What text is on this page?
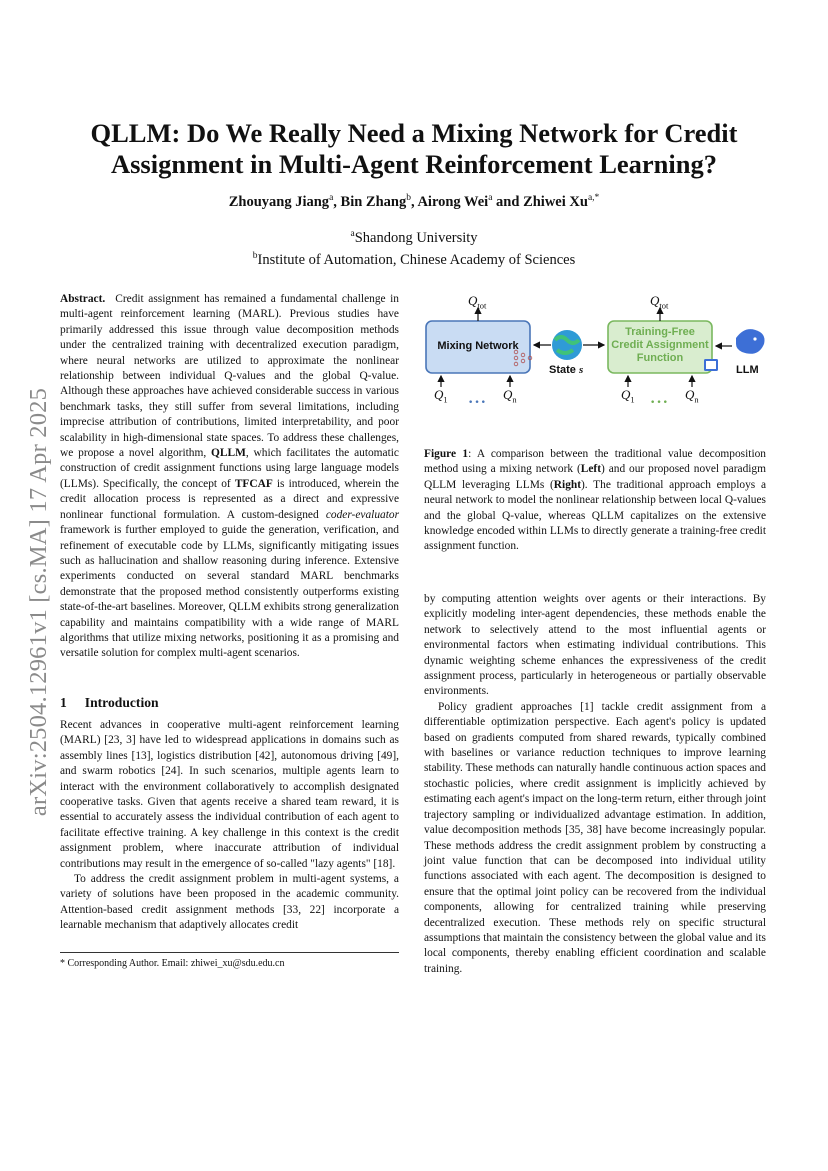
arXiv:2504.12961v1 [cs.MA] 17 Apr 2025
QLLM: Do We Really Need a Mixing Network for Credit
Assignment in Multi-Agent Reinforcement Learning?
Zhouyang Jiang$^a$, Bin Zhang$^b$, Airong Wei$^a$ and Zhiwei $Xu^{a,*}$
$^a$Shandong University
$^b$Institute of Automation, Chinese Academy of Sciences

Abstract. Credit assignment has remained a fundamental challenge in multi-agent reinforcement learning (MARL). Previous studies have primarily addressed this issue through value decomposition methods under the centralized training with decentralized execution paradigm, where neural networks are utilized to approximate the nonlinear relationship between individual Q-values and the global Q-value. Although these approaches have achieved considerable success in various benchmark tasks, they still suffer from several limitations, including imprecise attribution of contributions, limited interpretability, and poor scalability in high-dimensional state spaces. To address these challenges, we propose a novel algorithm, QLLM, which facilitates the automatic construction of credit assignment functions using large language models (LLMs). Specifically, the concept of TFCAF is introduced, wherein the credit allocation process is represented as a direct and expressive nonlinear functional formulation. A custom-designed coder-evaluator framework is further employed to guide the generation, verification, and refinement of executable code by LLMs, significantly mitigating issues such as hallucination and shallow reasoning during inference. Extensive experiments conducted on several standard MARL benchmarks demonstrate that the proposed method consistently outperforms existing state-of-the-art baselines. Moreover, QLLM exhibits strong generalization capability and maintains compatibility with a wide range of MARL algorithms that utilize mixing networks, positioning it as a promising and versatile solution for complex multi-agent scenarios.

1 Introduction

Recent advances in cooperative multi-agent reinforcement learning (MARL) [23, 3] have led to widespread applications in domains such as assembly lines [13], logistics distribution [42], autonomous driving [49], and swarm robotics [24]. In such scenarios, multiple agents learn to interact with the environment collaboratively to accomplish designated cooperative tasks. Given that agents receive a shared team reward, it is essential to accurately assess the individual contribution of each agent to facilitate effective training. A key challenge in this context is the credit assignment problem, where inaccurate attribution of individual contributions may result in the emergence of so-called "lazy agents" [18].

To address the credit assignment problem in multi-agent systems, a variety of solutions have been proposed in the academic community. Attention-based credit assignment methods [33, 22] incorporate a learnable mechanism that adaptively allocates credit

* Corresponding Author. Email: zhiwei_xu@sdu.edu.cn
$Q_{tot}$	$Q_{tot}$
Mixing Network
Training-Free
Credit Assignment
Function
State s	LLM
$Q_1$	$Q_n$	$Q_1$	$Q_n$
···	···
Figure 1: A comparison between the traditional value decomposition method using a mixing network (Left) and our proposed novel paradigm QLLM leveraging LLMs (Right). The traditional approach employs a neural network to model the nonlinear relationship between local Q-values and the global Q-value, whereas QLLM capitalizes on the extensive knowledge encoded within LLMs to directly generate a training-free credit assignment function.

by computing attention weights over agents or their interactions. By explicitly modeling inter-agent dependencies, these methods enable the network to selectively attend to the most influential agents or environmental factors when estimating individual contributions. This dynamic weighting scheme enhances the expressiveness of the credit assignment process, particularly in heterogeneous or partially observable environments.

Policy gradient approaches [1] tackle credit assignment from a differentiable optimization perspective. Each agent's policy is updated based on gradients computed from shared rewards, typically combined with baselines or variance reduction techniques to improve learning stability. These methods can naturally handle continuous action spaces and stochastic policies, where credit assignment is implicitly achieved by estimating each agent's impact on the long-term return, either through joint trajectory sampling or individualized advantage estimation. In addition, value decomposition methods [35, 38] have become increasingly popular. These methods address the credit assignment problem by constructing a joint value function that can be decomposed into individual utility functions associated with each agent. The decomposition is designed to ensure that the optimal joint policy can be recovered from the individual components, allowing for centralized training while preserving decentralized execution. These methods rely on specific structural assumptions that maintain the consistency between the global value and its local components, thereby enabling efficient coordination and scalable training.
